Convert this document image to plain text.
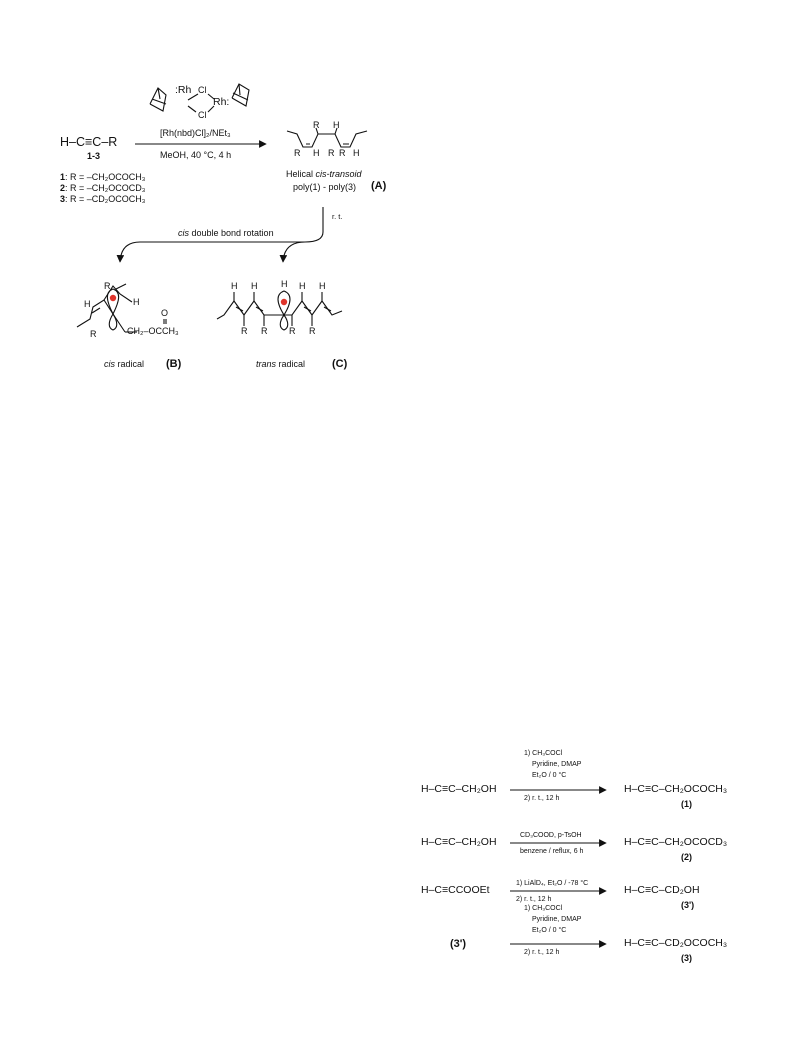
:Rh
Rh:
Cl
Cl
[Rh(nbd)Cl]₂/NEt₃
MeOH, 40 °C, 4 h
H–C≡C–R
1-3
1: R = –CH₂OCOCH₃
2: R = –CH₂OCOCD₃
3: R = –CD₂OCOCH₃
R H
R H R R H
Helical cis-transoid
poly(1) - poly(3) (A)
r. t.
cis double bond rotation
H
R
H
R	CH₂–OCCH₃
O
cis radical (B)
H H	H H H
R R R R
trans radical (C)
H–C≡C–CH₂OH
1) CH₃COCl
Pyridine, DMAP
Et₂O / 0 °C
2) r. t., 12 h
H–C≡C–CH₂OCOCH₃
(1)
H–C≡C–CH₂OH
CD₃COOD, p-TsOH
benzene / reflux, 6 h
H–C≡C–CH₂OCOCD₃
(2)
H–C≡CCOOEt
1) LiAlD₄, Et₂O / -78 °C
2) r. t., 12 h
H–C≡C–CD₂OH
(3')
(3')
1) CH₃COCl
Pyridine, DMAP
Et₂O / 0 °C
2) r. t., 12 h
H–C≡C–CD₂OCOCH₃
(3)
